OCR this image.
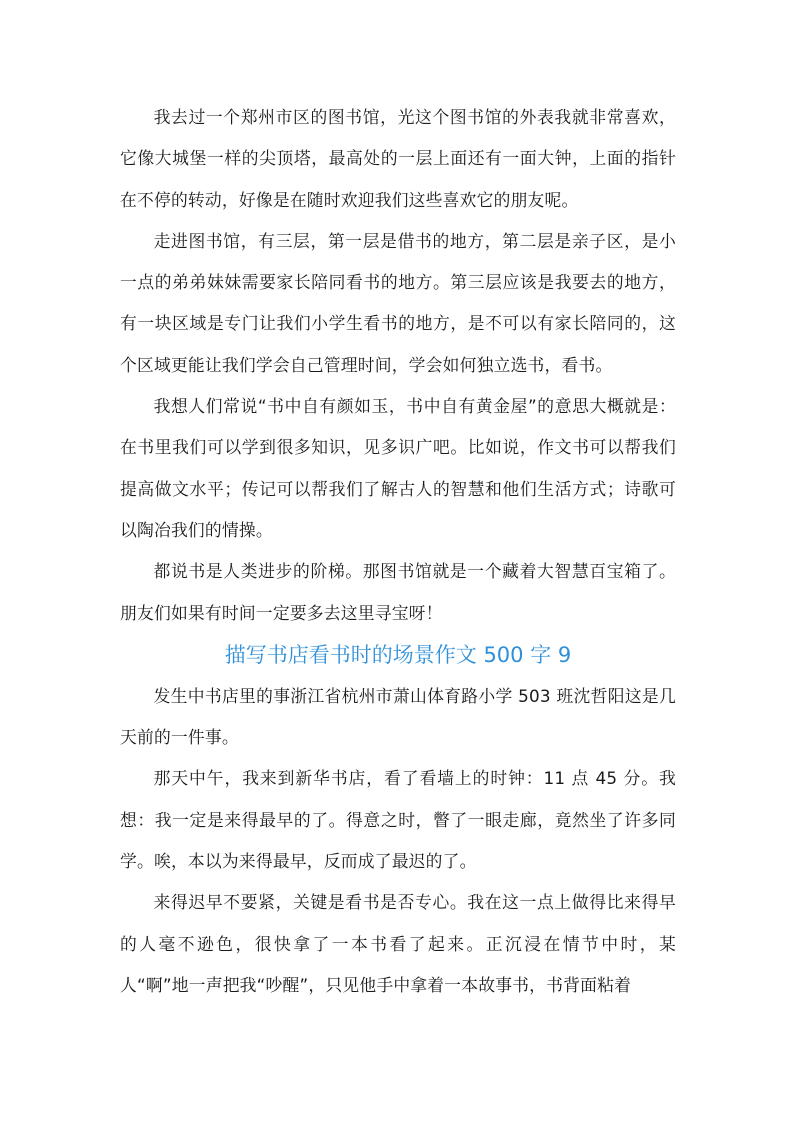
我去过一个郑州市区的图书馆，光这个图书馆的外表我就非常喜欢，它像大城堡一样的尖顶塔，最高处的一层上面还有一面大钟，上面的指针在不停的转动，好像是在随时欢迎我们这些喜欢它的朋友呢。

走进图书馆，有三层，第一层是借书的地方，第二层是亲子区，是小一点的弟弟妹妹需要家长陪同看书的地方。第三层应该是我要去的地方，有一块区域是专门让我们小学生看书的地方，是不可以有家长陪同的，这个区域更能让我们学会自己管理时间，学会如何独立选书，看书。

我想人们常说“书中自有颜如玉，书中自有黄金屋”的意思大概就是：在书里我们可以学到很多知识，见多识广吧。比如说，作文书可以帮我们提高做文水平；传记可以帮我们了解古人的智慧和他们生活方式；诗歌可以陶冶我们的情操。

都说书是人类进步的阶梯。那图书馆就是一个藏着大智慧百宝箱了。朋友们如果有时间一定要多去这里寻宝呀！

描写书店看书时的场景作文 500 字 9

发生中书店里的事浙江省杭州市萧山体育路小学 503 班沈哲阳这是几天前的一件事。

那天中午，我来到新华书店，看了看墙上的时钟：11 点 45 分。我想：我一定是来得最早的了。得意之时，瞥了一眼走廊，竟然坐了许多同学。唉，本以为来得最早，反而成了最迟的了。

来得迟早不要紧，关键是看书是否专心。我在这一点上做得比来得早的人毫不逊色，很快拿了一本书看了起来。正沉浸在情节中时，某人“啊”地一声把我“吵醒”，只见他手中拿着一本故事书，书背面粘着
